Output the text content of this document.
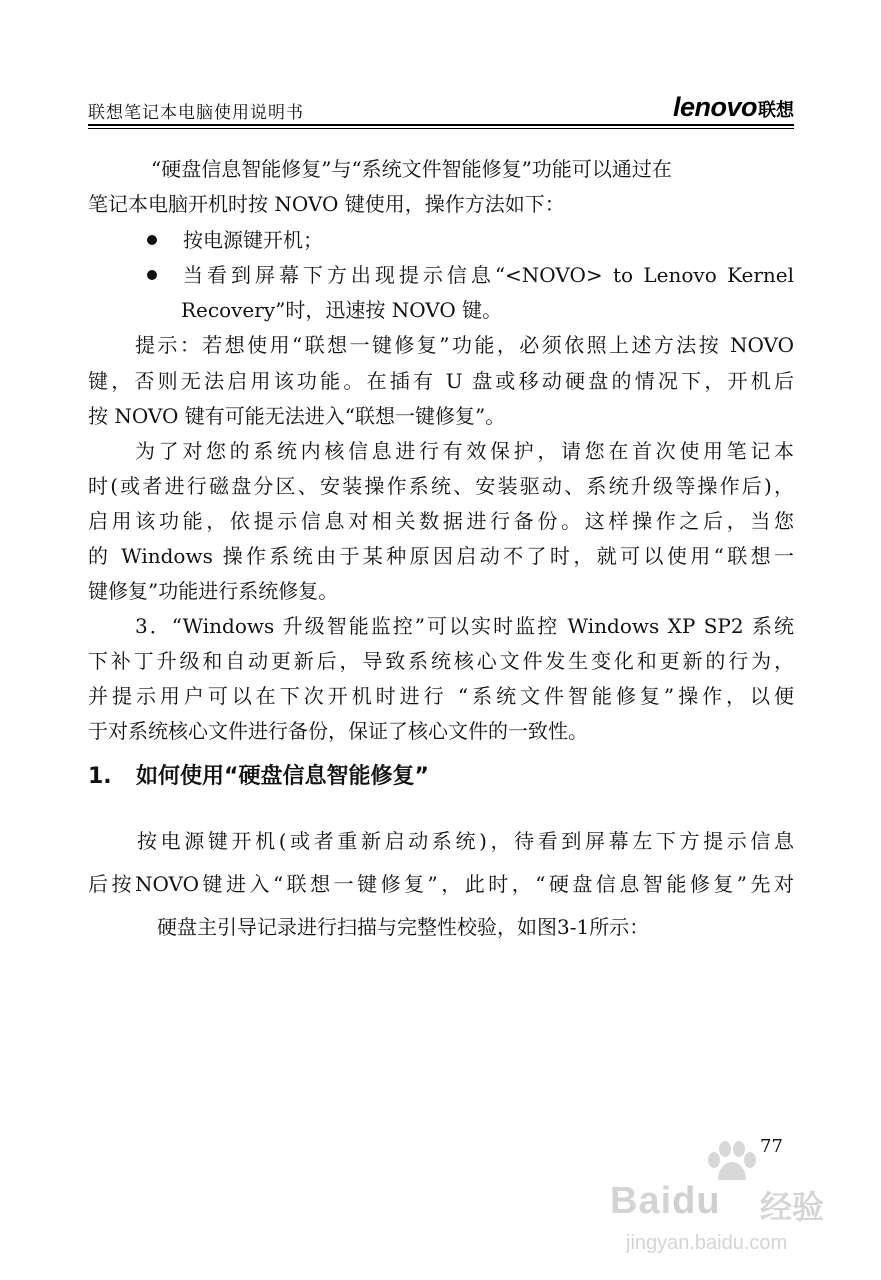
联想笔记本电脑使用说明书	lenovo 联想
“硬盘信息智能修复”与“系统文件智能修复”功能可以通过在
笔记本电脑开机时按 NOVO 键使用，操作方法如下：
按电源键开机；
当看到屏幕下方出现提示信息“<NOVO> to Lenovo Kernel
Recovery”时，迅速按 NOVO 键。
提示：若想使用“联想一键修复”功能，必须依照上述方法按 NOVO
键，否则无法启用该功能。在插有 U 盘或移动硬盘的情况下，开机后
按 NOVO 键有可能无法进入“联想一键修复”。
为了对您的系统内核信息进行有效保护，请您在首次使用笔记本
时(或者进行磁盘分区、安装操作系统、安装驱动、系统升级等操作后)，
启用该功能，依提示信息对相关数据进行备份。这样操作之后，当您
的 Windows 操作系统由于某种原因启动不了时，就可以使用“联想一
键修复”功能进行系统修复。
3．“Windows 升级智能监控”可以实时监控 Windows XP SP2 系统
下补丁升级和自动更新后，导致系统核心文件发生变化和更新的行为，
并提示用户可以在下次开机时进行 “系统文件智能修复”操作，以便
于对系统核心文件进行备份，保证了核心文件的一致性。
1. 如何使用“硬盘信息智能修复”
按电源键开机(或者重新启动系统)，待看到屏幕左下方提示信息
后按NOVO键进入“联想一键修复”，此时，“硬盘信息智能修复”先对
硬盘主引导记录进行扫描与完整性校验，如图3-1所示：
77
Baidu 经验
jingyan.baidu.com
